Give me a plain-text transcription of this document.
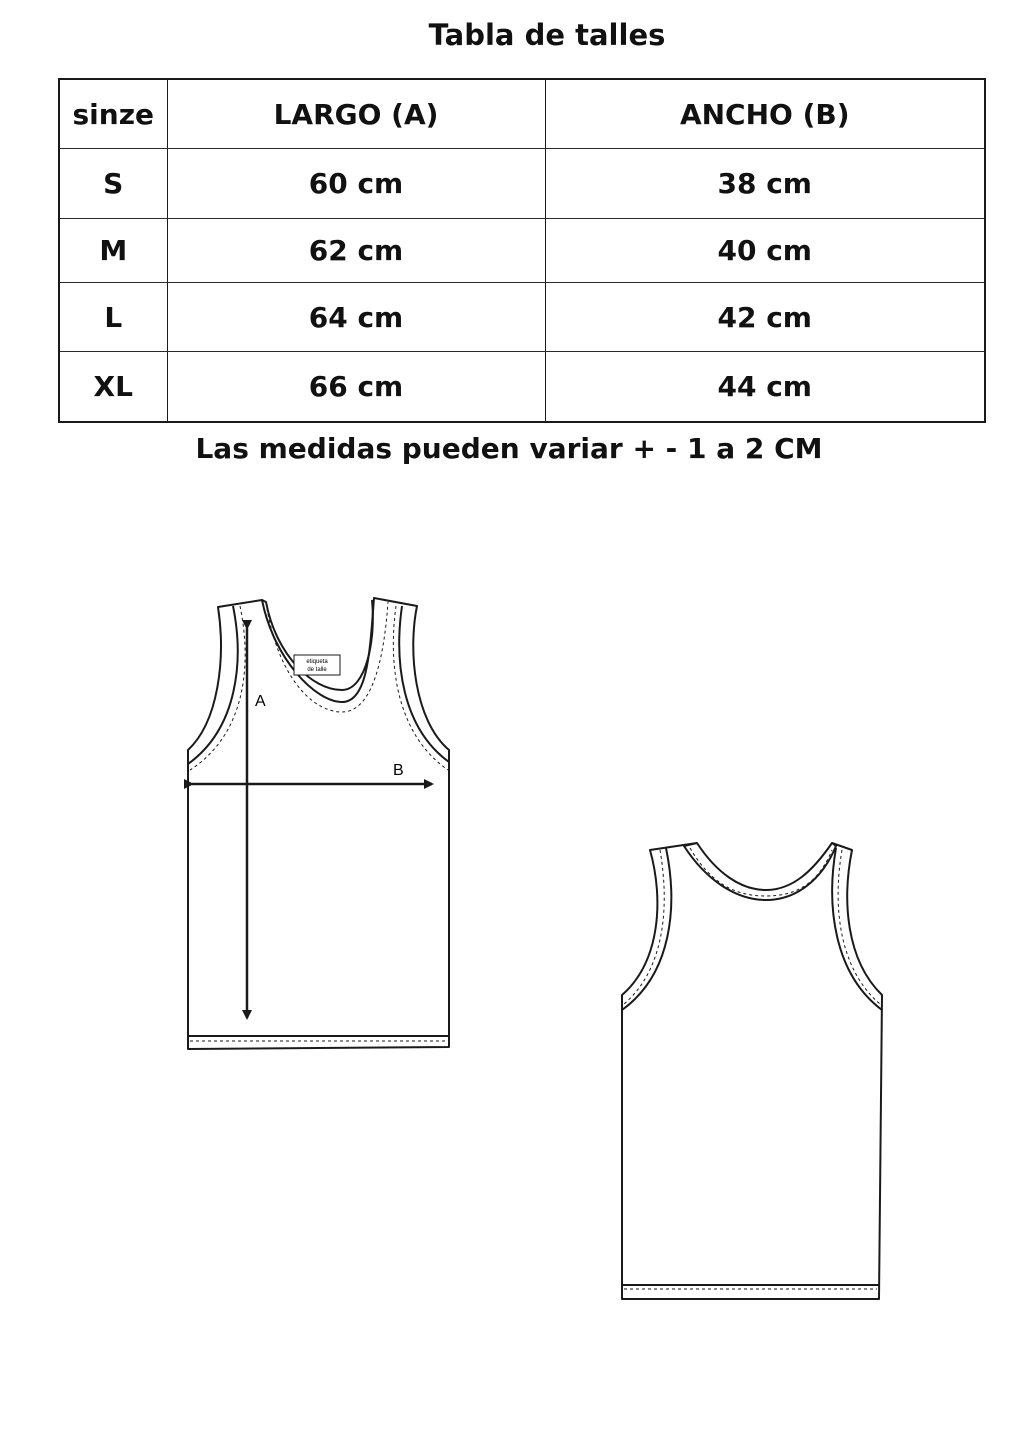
Tabla de talles
sinze	LARGO (A)	ANCHO (B)
S	60 cm	38 cm
M	62 cm	40 cm
L	64 cm	42 cm
XL	66 cm	44 cm

Las medidas pueden variar + - 1 a 2 CM

etiqueta
de talle
A
B
